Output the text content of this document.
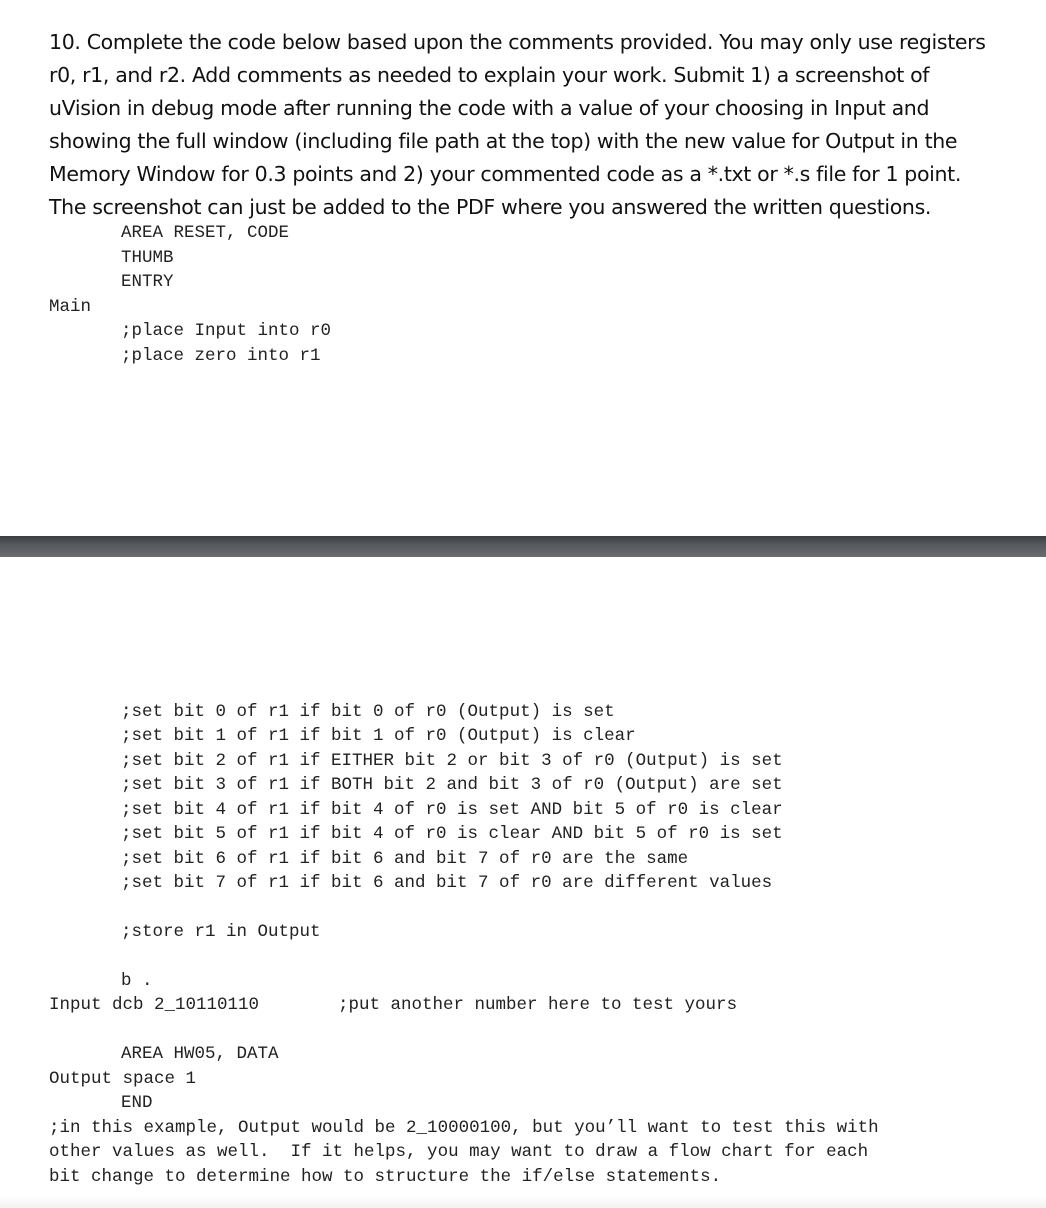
10. Complete the code below based upon the comments provided. You may only use registers
r0, r1, and r2. Add comments as needed to explain your work. Submit 1) a screenshot of
uVision in debug mode after running the code with a value of your choosing in Input and
showing the full window (including file path at the top) with the new value for Output in the
Memory Window for 0.3 points and 2) your commented code as a *.txt or *.s file for 1 point.
The screenshot can just be added to the PDF where you answered the written questions.

AREA RESET, CODE

THUMB

ENTRY

Main

;place Input into r0

;place zero into r1

;set bit 0 of r1 if bit 0 of r0 (Output) is set

;set bit 1 of r1 if bit 1 of r0 (Output) is clear

;set bit 2 of r1 if EITHER bit 2 or bit 3 of r0 (Output) is set

;set bit 3 of r1 if BOTH bit 2 and bit 3 of r0 (Output) are set

;set bit 4 of r1 if bit 4 of r0 is set AND bit 5 of r0 is clear

;set bit 5 of r1 if bit 4 of r0 is clear AND bit 5 of r0 is set

;set bit 6 of r1 if bit 6 and bit 7 of r0 are the same

;set bit 7 of r1 if bit 6 and bit 7 of r0 are different values

;store r1 in Output

b .

Input dcb 2_10110110

	;put another number here to test yours

AREA HW05, DATA

Output space 1

END

;in this example, Output would be 2_10000100, but you’ll want to test this with

other values as well.  If it helps, you may want to draw a flow chart for each

bit change to determine how to structure the if/else statements.
